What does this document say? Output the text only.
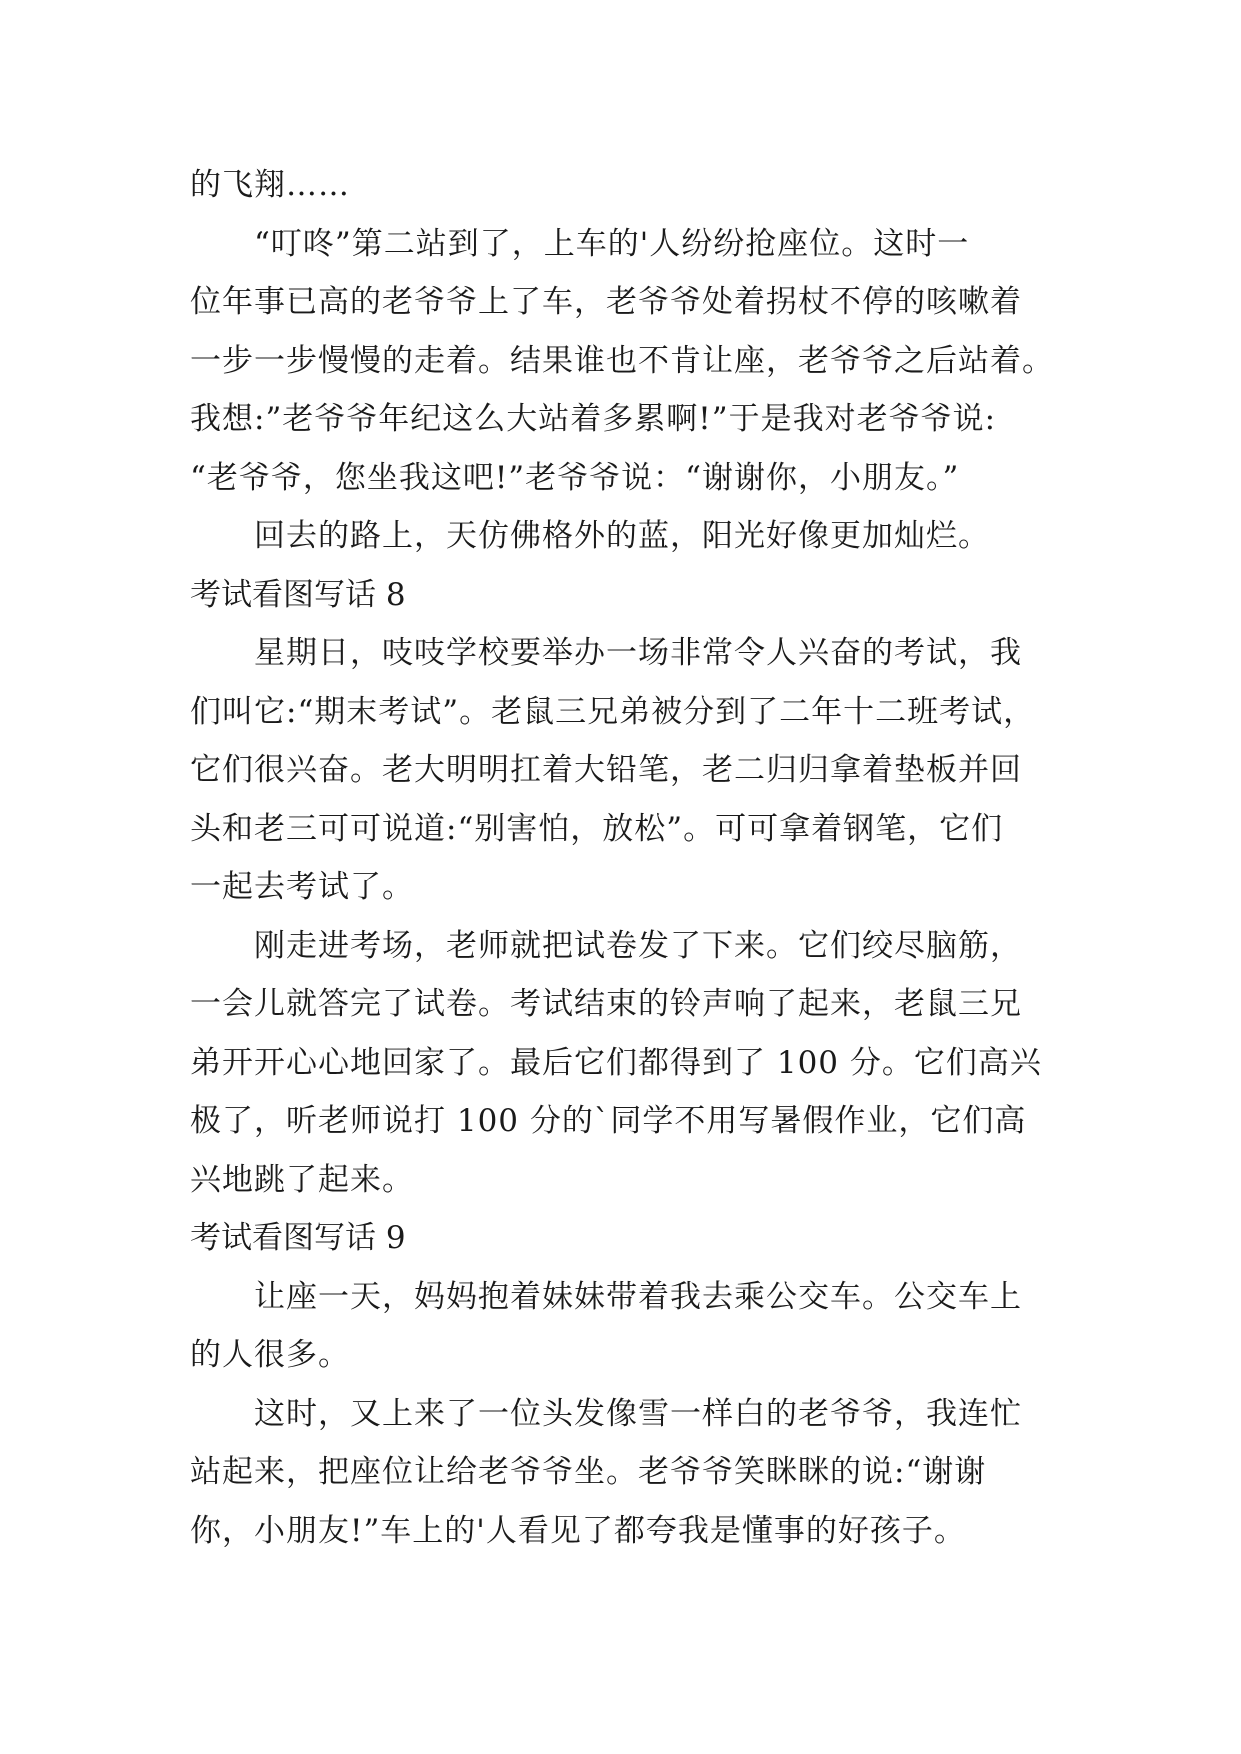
的飞翔……
“叮咚”第二站到了，上车的'人纷纷抢座位。这时一
位年事已高的老爷爷上了车，老爷爷处着拐杖不停的咳嗽着
一步一步慢慢的走着。结果谁也不肯让座，老爷爷之后站着。
我想:”老爷爷年纪这么大站着多累啊!”于是我对老爷爷说:
“老爷爷，您坐我这吧!”老爷爷说：“谢谢你，小朋友。”
回去的路上，天仿佛格外的蓝，阳光好像更加灿烂。
考试看图写话 8
星期日，吱吱学校要举办一场非常令人兴奋的考试，我
们叫它:“期末考试”。老鼠三兄弟被分到了二年十二班考试，
它们很兴奋。老大明明扛着大铅笔，老二归归拿着垫板并回
头和老三可可说道:“别害怕，放松”。可可拿着钢笔，它们
一起去考试了。
刚走进考场，老师就把试卷发了下来。它们绞尽脑筋，
一会儿就答完了试卷。考试结束的铃声响了起来，老鼠三兄
弟开开心心地回家了。最后它们都得到了 100 分。它们高兴
极了，听老师说打 100 分的`同学不用写暑假作业，它们高
兴地跳了起来。
考试看图写话 9
让座一天，妈妈抱着妹妹带着我去乘公交车。公交车上
的人很多。
这时，又上来了一位头发像雪一样白的老爷爷，我连忙
站起来，把座位让给老爷爷坐。老爷爷笑眯眯的说:“谢谢
你，小朋友!”车上的'人看见了都夸我是懂事的好孩子。
